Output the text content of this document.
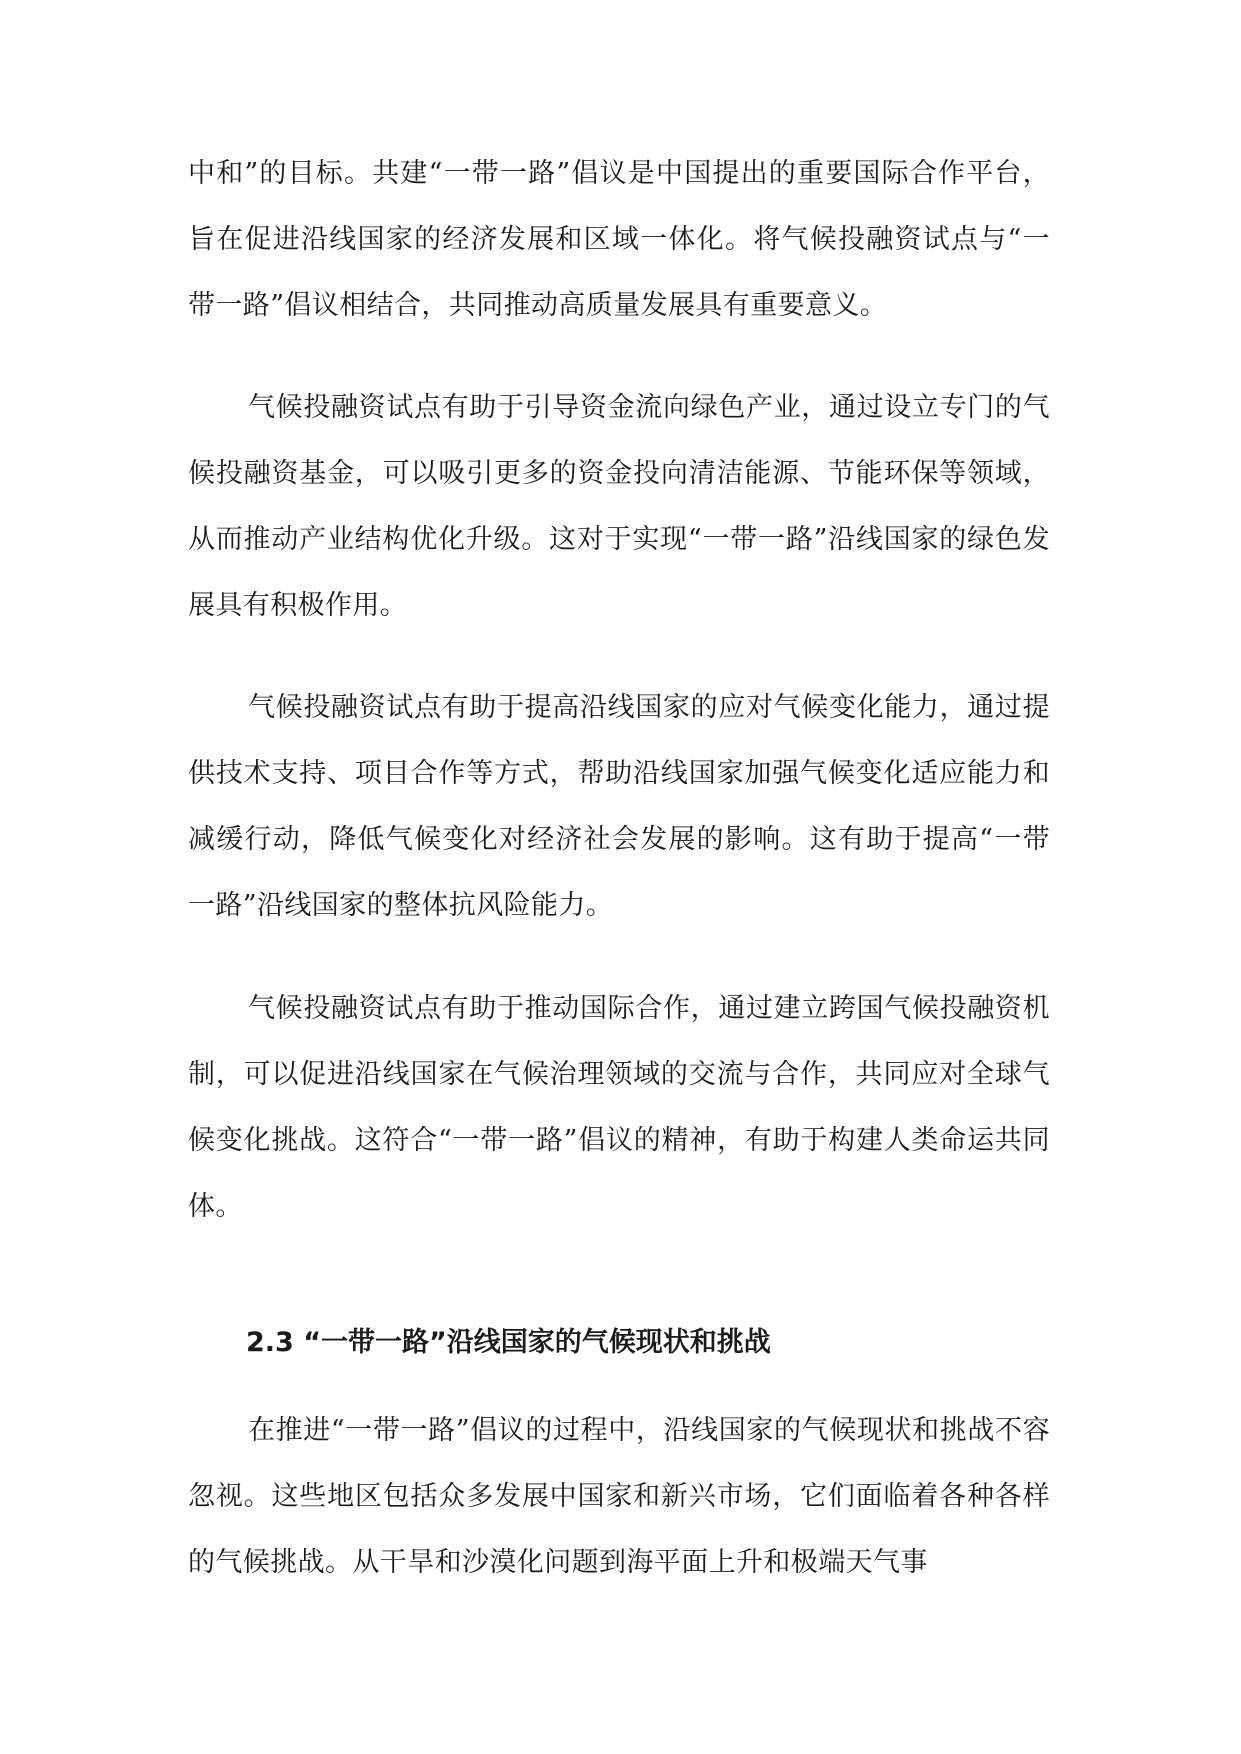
中和”的目标。共建“一带一路”倡议是中国提出的重要国际合作平台，旨在促进沿线国家的经济发展和区域一体化。将气候投融资试点与“一带一路”倡议相结合，共同推动高质量发展具有重要意义。

气候投融资试点有助于引导资金流向绿色产业，通过设立专门的气候投融资基金，可以吸引更多的资金投向清洁能源、节能环保等领域，从而推动产业结构优化升级。这对于实现“一带一路”沿线国家的绿色发展具有积极作用。

气候投融资试点有助于提高沿线国家的应对气候变化能力，通过提供技术支持、项目合作等方式，帮助沿线国家加强气候变化适应能力和减缓行动，降低气候变化对经济社会发展的影响。这有助于提高“一带一路”沿线国家的整体抗风险能力。

气候投融资试点有助于推动国际合作，通过建立跨国气候投融资机制，可以促进沿线国家在气候治理领域的交流与合作，共同应对全球气候变化挑战。这符合“一带一路”倡议的精神，有助于构建人类命运共同体。

2.3 “一带一路”沿线国家的气候现状和挑战

在推进“一带一路”倡议的过程中，沿线国家的气候现状和挑战不容忽视。这些地区包括众多发展中国家和新兴市场，它们面临着各种各样的气候挑战。从干旱和沙漠化问题到海平面上升和极端天气事
